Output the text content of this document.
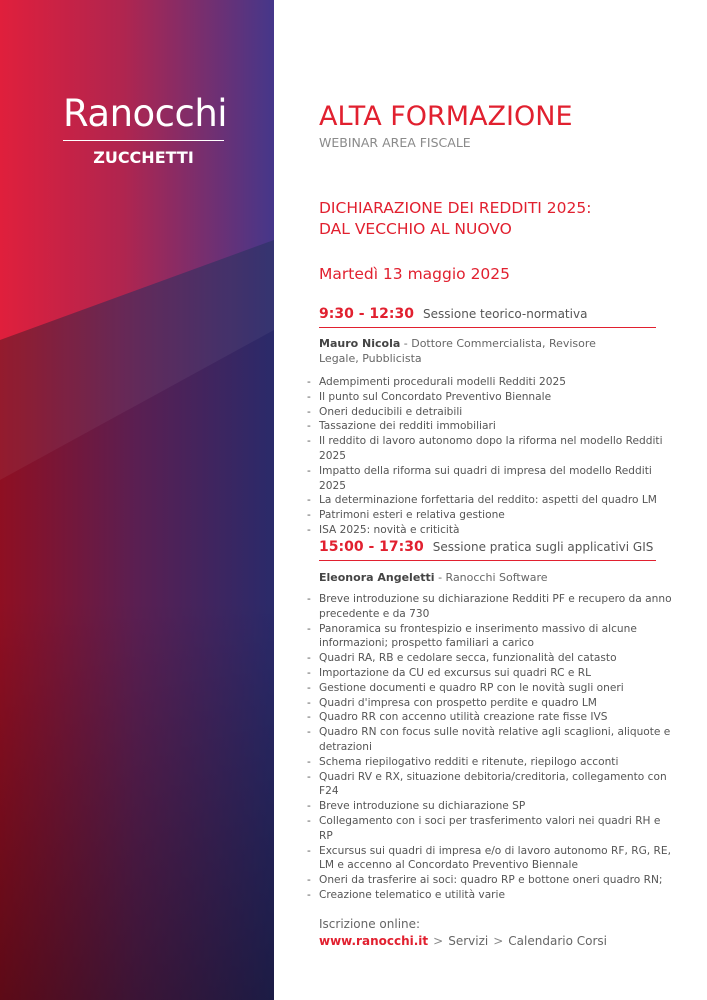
Ranocchi
ZUCCHETTI
ALTA FORMAZIONE
WEBINAR AREA FISCALE
DICHIARAZIONE DEI REDDITI 2025:
DAL VECCHIO AL NUOVO
Martedì 13 maggio 2025
9:30 - 12:30 Sessione teorico-normativa
Mauro Nicola - Dottore Commercialista, Revisore Legale, Pubblicista
- Adempimenti procedurali modelli Redditi 2025
- Il punto sul Concordato Preventivo Biennale
- Oneri deducibili e detraibili
- Tassazione dei redditi immobiliari
- Il reddito di lavoro autonomo dopo la riforma nel modello Redditi 2025
- Impatto della riforma sui quadri di impresa del modello Redditi 2025
- La determinazione forfettaria del reddito: aspetti del quadro LM
- Patrimoni esteri e relativa gestione
- ISA 2025: novità e criticità
15:00 - 17:30 Sessione pratica sugli applicativi GIS
Eleonora Angeletti - Ranocchi Software
- Breve introduzione su dichiarazione Redditi PF e recupero da anno precedente e da 730
- Panoramica su frontespizio e inserimento massivo di alcune informazioni; prospetto familiari a carico
- Quadri RA, RB e cedolare secca, funzionalità del catasto
- Importazione da CU ed excursus sui quadri RC e RL
- Gestione documenti e quadro RP con le novità sugli oneri
- Quadri d'impresa con prospetto perdite e quadro LM
- Quadro RR con accenno utilità creazione rate fisse IVS
- Quadro RN con focus sulle novità relative agli scaglioni, aliquote e detrazioni
- Schema riepilogativo redditi e ritenute, riepilogo acconti
- Quadri RV e RX, situazione debitoria/creditoria, collegamento con F24
- Breve introduzione su dichiarazione SP
- Collegamento con i soci per trasferimento valori nei quadri RH e RP
- Excursus sui quadri di impresa e/o di lavoro autonomo RF, RG, RE, LM e accenno al Concordato Preventivo Biennale
- Oneri da trasferire ai soci: quadro RP e bottone oneri quadro RN;
- Creazione telematico e utilità varie
Iscrizione online:
www.ranocchi.it > Servizi > Calendario Corsi
